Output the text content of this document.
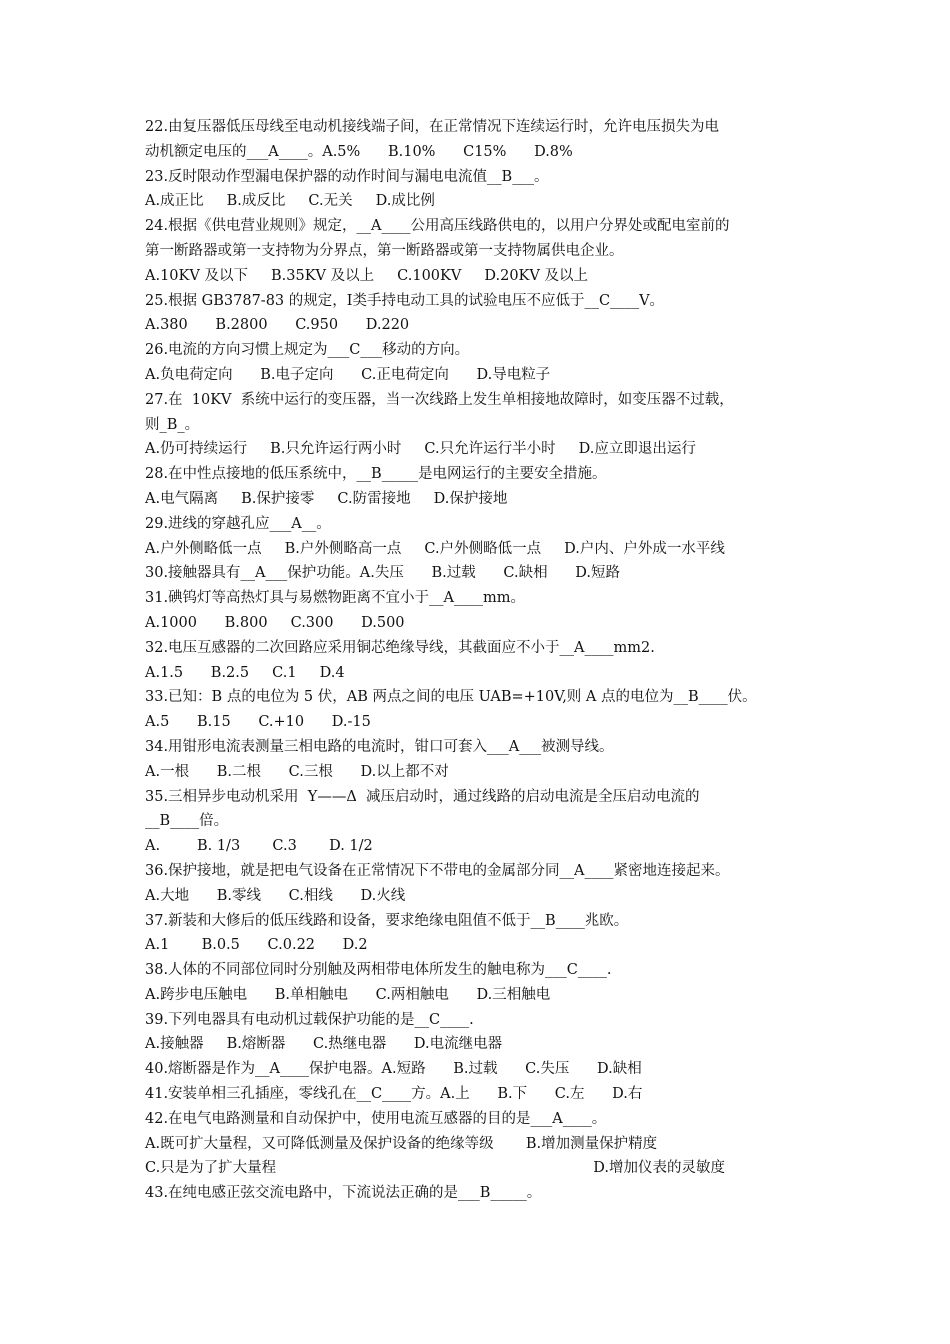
22.由复压器低压母线至电动机接线端子间，在正常情况下连续运行时，允许电压损失为电
动机额定电压的___A____。A.5%      B.10%      C15%      D.8%
23.反时限动作型漏电保护器的动作时间与漏电电流值__B___。
A.成正比     B.成反比     C.无关     D.成比例
24.根据《供电营业规则》规定，__A____公用高压线路供电的，以用户分界处或配电室前的
第一断路器或第一支持物为分界点，第一断路器或第一支持物属供电企业。
A.10KV 及以下     B.35KV 及以上     C.100KV     D.20KV 及以上
25.根据 GB3787-83 的规定，Ⅰ类手持电动工具的试验电压不应低于__C____V。
A.380      B.2800      C.950      D.220
26.电流的方向习惯上规定为___C___移动的方向。
A.负电荷定向      B.电子定向      C.正电荷定向      D.导电粒子
27.在  10KV  系统中运行的变压器，当一次线路上发生单相接地故障时，如变压器不过载，
则_B_。
A.仍可持续运行     B.只允许运行两小时     C.只允许运行半小时     D.应立即退出运行
28.在中性点接地的低压系统中，__B_____是电网运行的主要安全措施。
A.电气隔离     B.保护接零     C.防雷接地     D.保护接地
29.进线的穿越孔应___A__。
A.户外侧略低一点     B.户外侧略高一点     C.户外侧略低一点     D.户内、户外成一水平线
30.接触器具有__A___保护功能。A.失压      B.过载      C.缺相      D.短路
31.碘钨灯等高热灯具与易燃物距离不宜小于__A____mm。
A.1000      B.800     C.300      D.500
32.电压互感器的二次回路应采用铜芯绝缘导线，其截面应不小于__A____mm2.
A.1.5      B.2.5     C.1     D.4
33.已知：B 点的电位为 5 伏，AB 两点之间的电压 UAB=+10V,则 A 点的电位为__B____伏。
A.5      B.15      C.+10      D.-15
34.用钳形电流表测量三相电路的电流时，钳口可套入___A___被测导线。
A.一根      B.二根      C.三根      D.以上都不对
35.三相异步电动机采用  Y——Δ  减压启动时，通过线路的启动电流是全压启动电流的
__B____倍。
A.        B. 1/3       C.3       D. 1/2
36.保护接地，就是把电气设备在正常情况下不带电的金属部分同__A____紧密地连接起来。
A.大地      B.零线      C.相线      D.火线
37.新装和大修后的低压线路和设备，要求绝缘电阻值不低于__B____兆欧。
A.1       B.0.5      C.0.22      D.2
38.人体的不同部位同时分别触及两相带电体所发生的触电称为___C____.
A.跨步电压触电      B.单相触电      C.两相触电      D.三相触电
39.下列电器具有电动机过载保护功能的是__C____.
A.接触器     B.熔断器      C.热继电器      D.电流继电器
40.熔断器是作为__A____保护电器。A.短路      B.过载      C.失压      D.缺相
41.安装单相三孔插座，零线孔在__C____方。A.上      B.下      C.左      D.右
42.在电气电路测量和自动保护中，使用电流互感器的目的是___A____。
A.既可扩大量程，又可降低测量及保护设备的绝缘等级       B.增加测量保护精度
C.只是为了扩大量程	D.增加仪表的灵敏度
43.在纯电感正弦交流电路中，下流说法正确的是___B_____。
